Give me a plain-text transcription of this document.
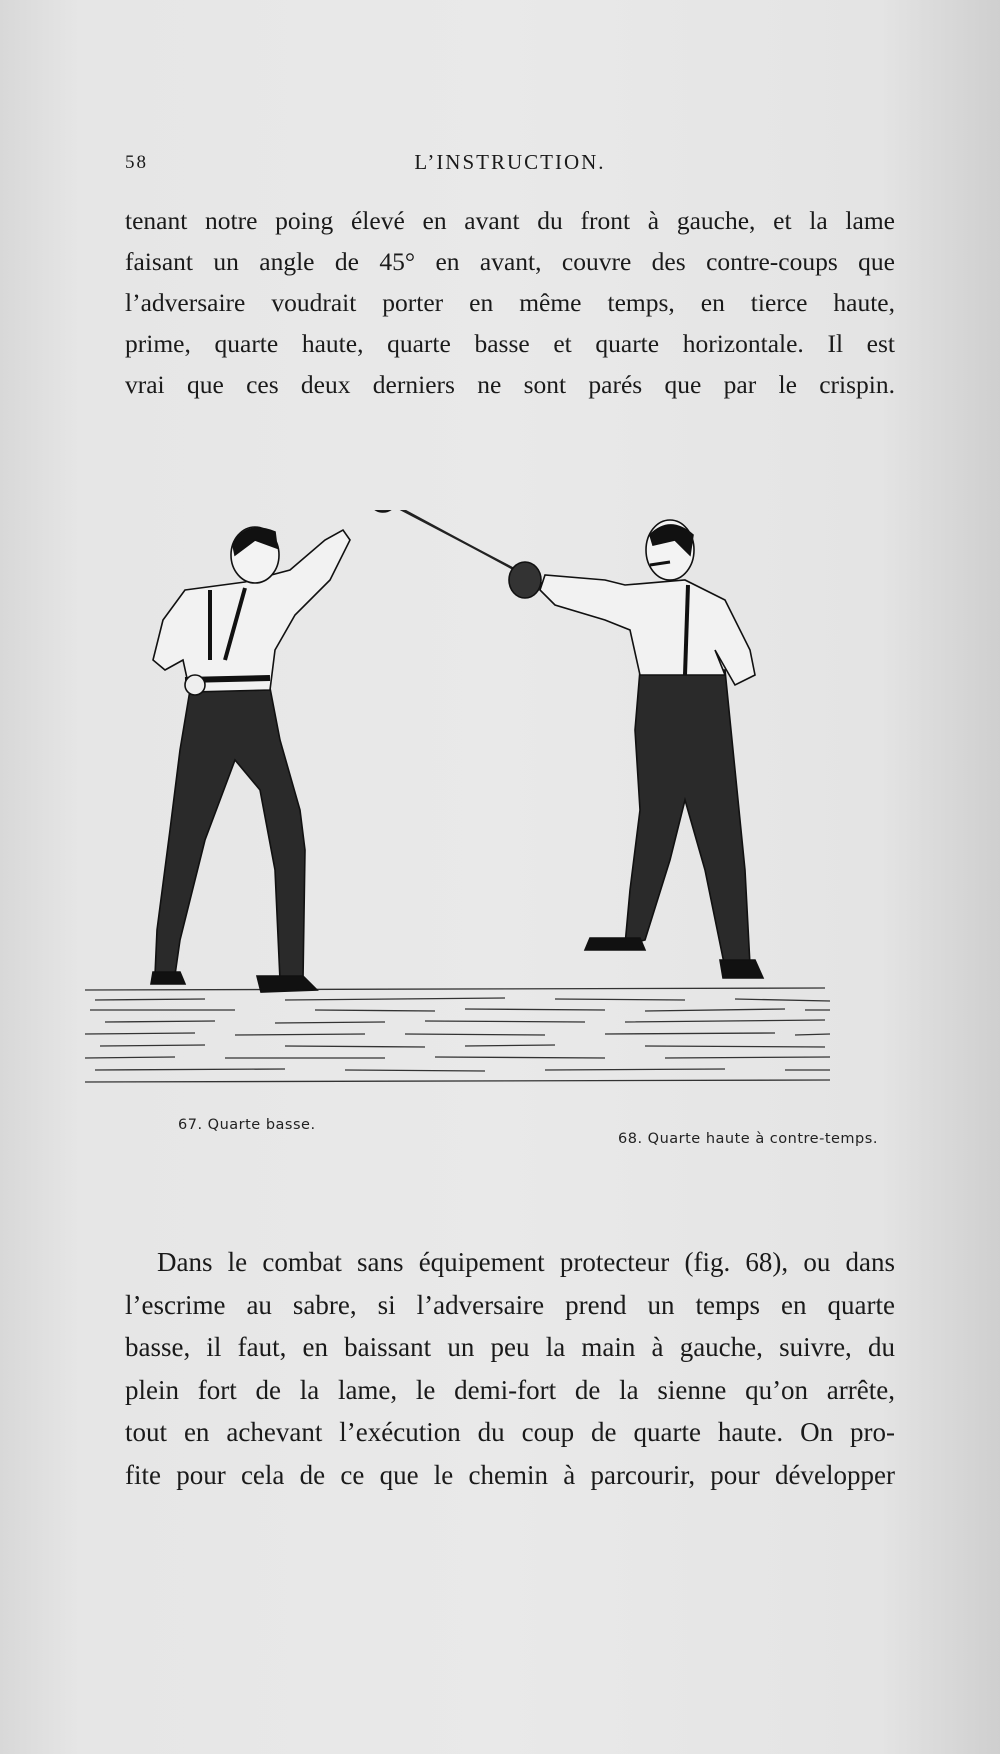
58	L’INSTRUCTION.

tenant notre poing élevé en avant du front à gauche, et la lame
faisant un angle de 45° en avant, couvre des contre-coups que
l’adversaire voudrait porter en même temps, en tierce haute,
prime, quarte haute, quarte basse et quarte horizontale. Il est
vrai que ces deux derniers ne sont parés que par le crispin.

67. Quarte basse.
68. Quarte haute à contre-temps.

Dans le combat sans équipement protecteur (fig. 68), ou dans
l’escrime au sabre, si l’adversaire prend un temps en quarte
basse, il faut, en baissant un peu la main à gauche, suivre, du
plein fort de la lame, le demi-fort de la sienne qu’on arrête,
tout en achevant l’exécution du coup de quarte haute. On pro-
fite pour cela de ce que le chemin à parcourir, pour développer
